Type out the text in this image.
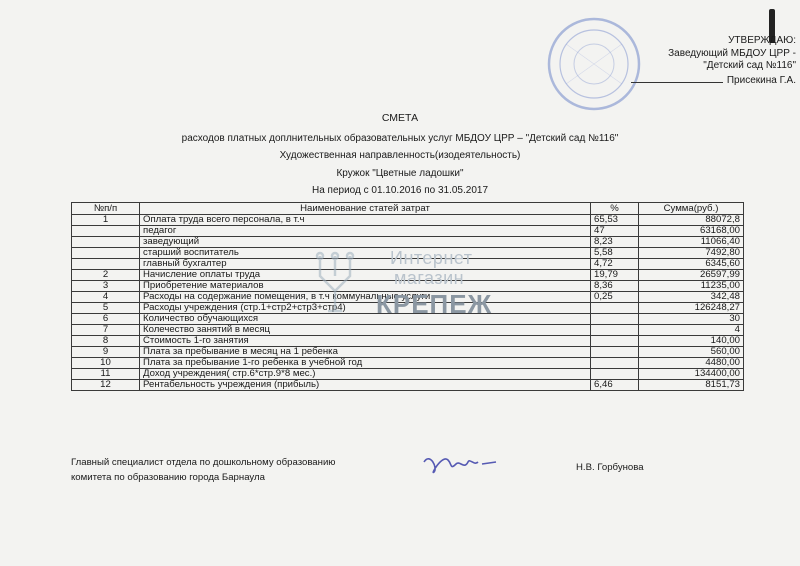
УТВЕРЖДАЮ:
Заведующий МБДОУ ЦРР -
"Детский сад №116"
Присекина Г.А.
СМЕТА
расходов платных доплнительных образовательных услуг МБДОУ ЦРР – "Детский сад №116"
Художественная направленность(изодеятельность)
Кружок "Цветные ладошки"
На период с 01.10.2016 по 31.05.2017
№п/п	Наименование статей затрат	%	Сумма(руб.)
1	Оплата труда всего персонала, в т.ч	65,53	88072,8
	педагог	47	63168,00
	заведующий	8,23	11066,40
	старший воспитатель	5,58	7492,80
	главный бухгалтер	4,72	6345,60
2	Начисление оплаты труда	19,79	26597,99
3	Приобретение материалов	8,36	11235,00
4	Расходы на содержание помещения, в т.ч коммунальные услуги	0,25	342,48
5	Расходы учреждения (стр.1+стр2+стр3+стр4)		126248,27
6	Количество обучающихся		30
7	Колечество занятий в месяц		4
8	Стоимость 1-го занятия		140,00
9	Плата за пребывание в месяц на 1 ребенка		560,00
10	Плата за пребывание 1-го ребенка в учебной год		4480,00
11	Доход учреждения( стр.6*стр.9*8 мес.)		134400,00
12	Рентабельность учреждения (прибыль)	6,46	8151,73
Интернет
магазин
КРЕПЕЖ
Главный специалист отдела по дошкольному образованию
комитета по образованию города Барнаула
Н.В. Горбунова
